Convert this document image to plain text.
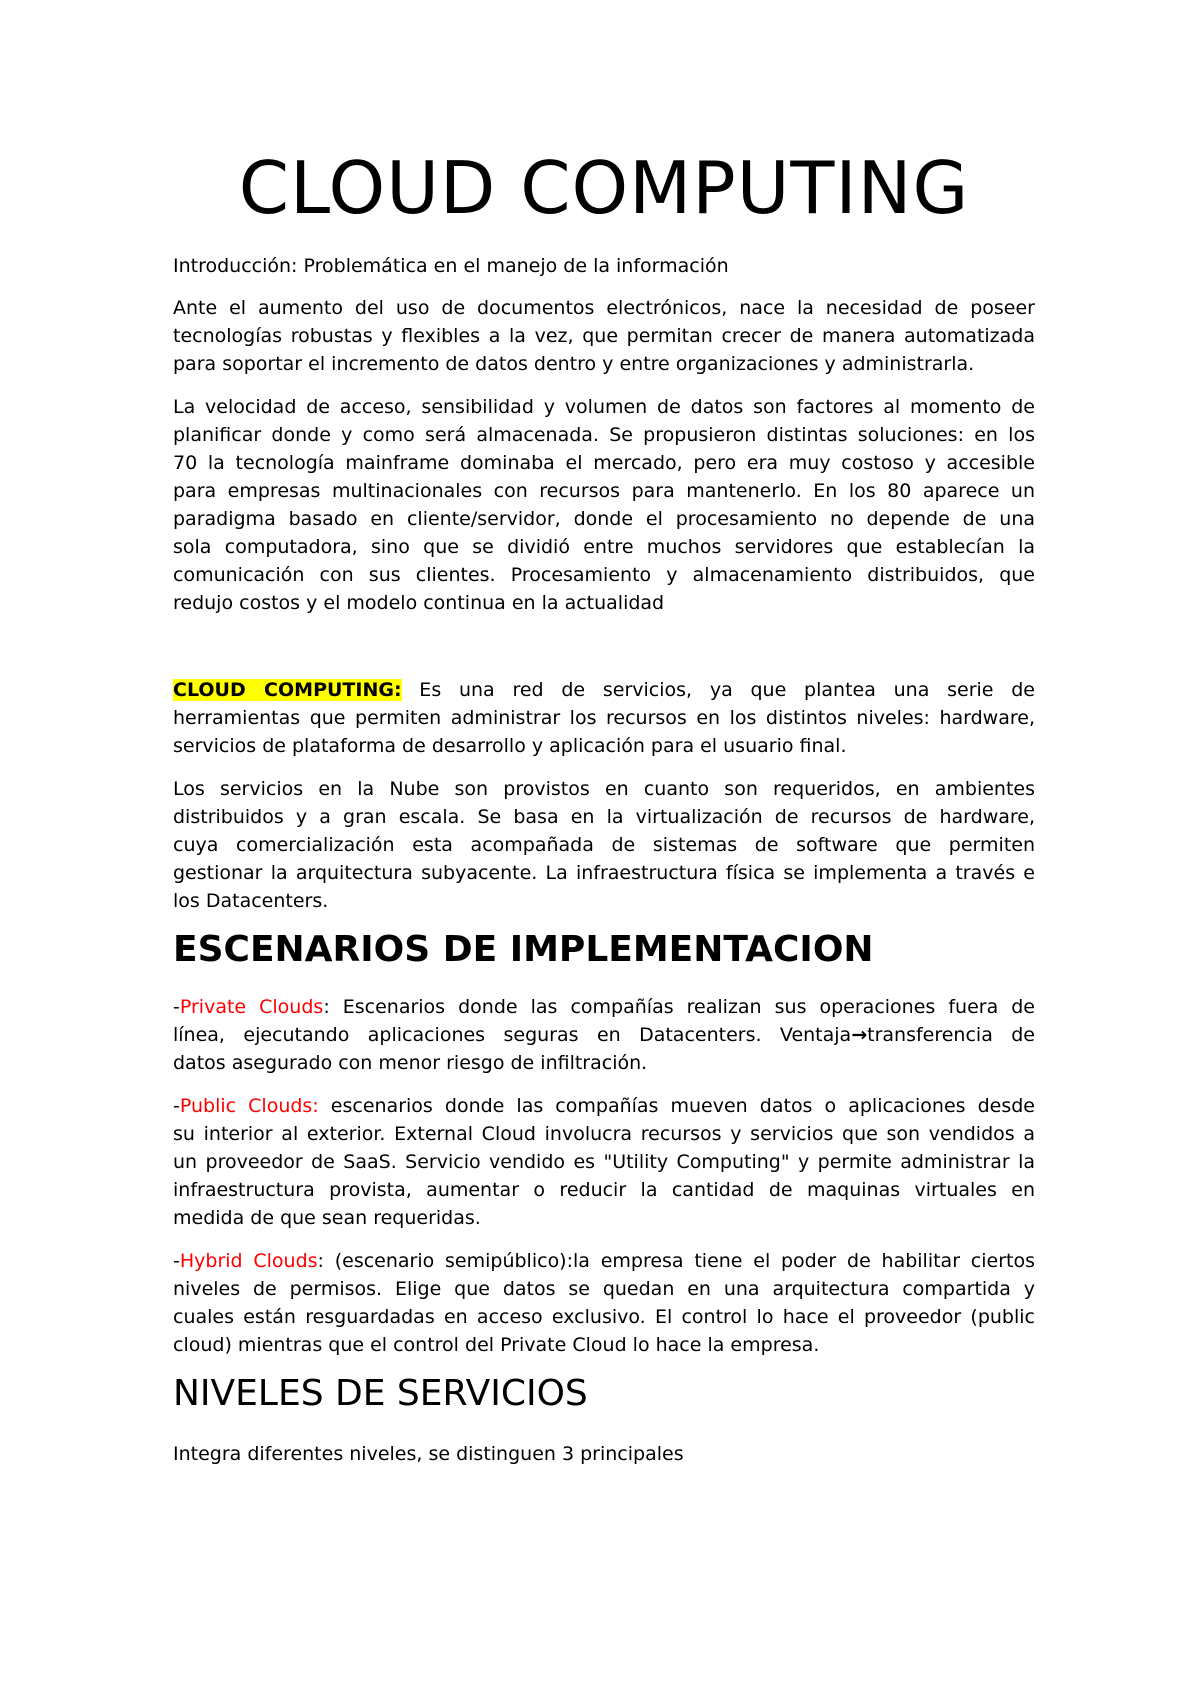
CLOUD COMPUTING

Introducción: Problemática en el manejo de la información

Ante el aumento del uso de documentos electrónicos, nace la necesidad de poseer
tecnologías robustas y flexibles a la vez, que permitan crecer de manera automatizada
para soportar el incremento de datos dentro y entre organizaciones y administrarla.
La velocidad de acceso, sensibilidad y volumen de datos son factores al momento de
planificar donde y como será almacenada. Se propusieron distintas soluciones: en los
70 la tecnología mainframe dominaba el mercado, pero era muy costoso y accesible
para empresas multinacionales con recursos para mantenerlo. En los 80 aparece un
paradigma basado en cliente/servidor, donde el procesamiento no depende de una
sola computadora, sino que se dividió entre muchos servidores que establecían la
comunicación con sus clientes. Procesamiento y almacenamiento distribuidos, que
redujo costos y el modelo continua en la actualidad
CLOUD COMPUTING: Es una red de servicios, ya que plantea una serie de
herramientas que permiten administrar los recursos en los distintos niveles: hardware,
servicios de plataforma de desarrollo y aplicación para el usuario final.
Los servicios en la Nube son provistos en cuanto son requeridos, en ambientes
distribuidos y a gran escala. Se basa en la virtualización de recursos de hardware,
cuya comercialización esta acompañada de sistemas de software que permiten
gestionar la arquitectura subyacente. La infraestructura física se implementa a través e
los Datacenters.
ESCENARIOS DE IMPLEMENTACION
-Private Clouds: Escenarios donde las compañías realizan sus operaciones fuera de
línea, ejecutando aplicaciones seguras en Datacenters. Ventaja→transferencia de
datos asegurado con menor riesgo de infiltración.
-Public Clouds: escenarios donde las compañías mueven datos o aplicaciones desde
su interior al exterior. External Cloud involucra recursos y servicios que son vendidos a
un proveedor de SaaS. Servicio vendido es "Utility Computing" y permite administrar la
infraestructura provista, aumentar o reducir la cantidad de maquinas virtuales en
medida de que sean requeridas.
-Hybrid Clouds: (escenario semipúblico):la empresa tiene el poder de habilitar ciertos
niveles de permisos. Elige que datos se quedan en una arquitectura compartida y
cuales están resguardadas en acceso exclusivo. El control lo hace el proveedor (public
cloud) mientras que el control del Private Cloud lo hace la empresa.
NIVELES DE SERVICIOS

Integra diferentes niveles, se distinguen 3 principales
